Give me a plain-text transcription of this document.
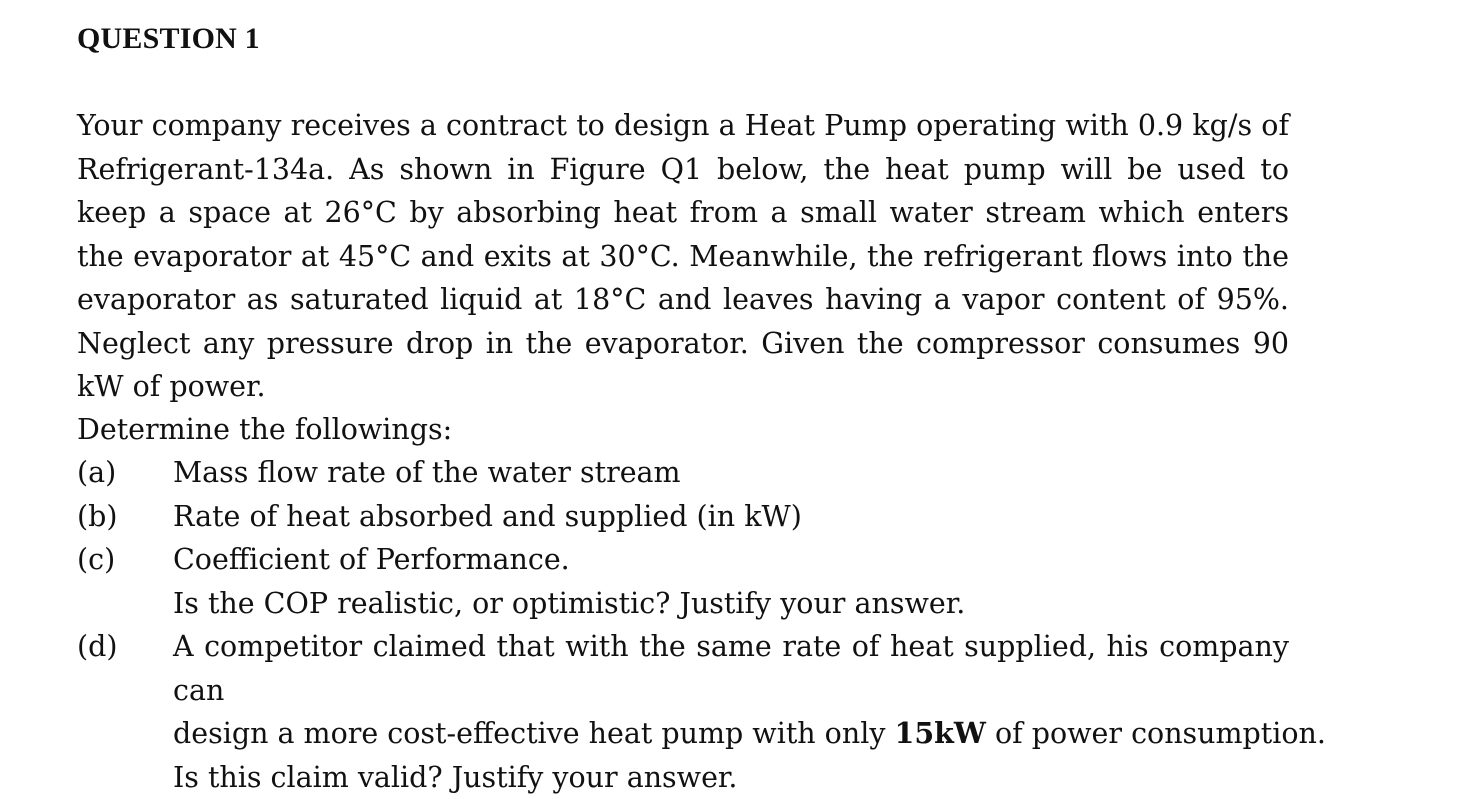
QUESTION 1

Your company receives a contract to design a Heat Pump operating with 0.9 kg/s of Refrigerant-134a. As shown in Figure Q1 below, the heat pump will be used to keep a space at 26°C by absorbing heat from a small water stream which enters the evaporator at 45°C and exits at 30°C. Meanwhile, the refrigerant flows into the evaporator as saturated liquid at 18°C and leaves having a vapor content of 95%. Neglect any pressure drop in the evaporator. Given the compressor consumes 90 kW of power.

Determine the followings:

(a)	Mass flow rate of the water stream
(b)	Rate of heat absorbed and supplied (in kW)
(c)	Coefficient of Performance.
Is the COP realistic, or optimistic? Justify your answer.
(d)	A competitor claimed that with the same rate of heat supplied, his company can
design a more cost-effective heat pump with only 15kW of power consumption.
Is this claim valid? Justify your answer.
